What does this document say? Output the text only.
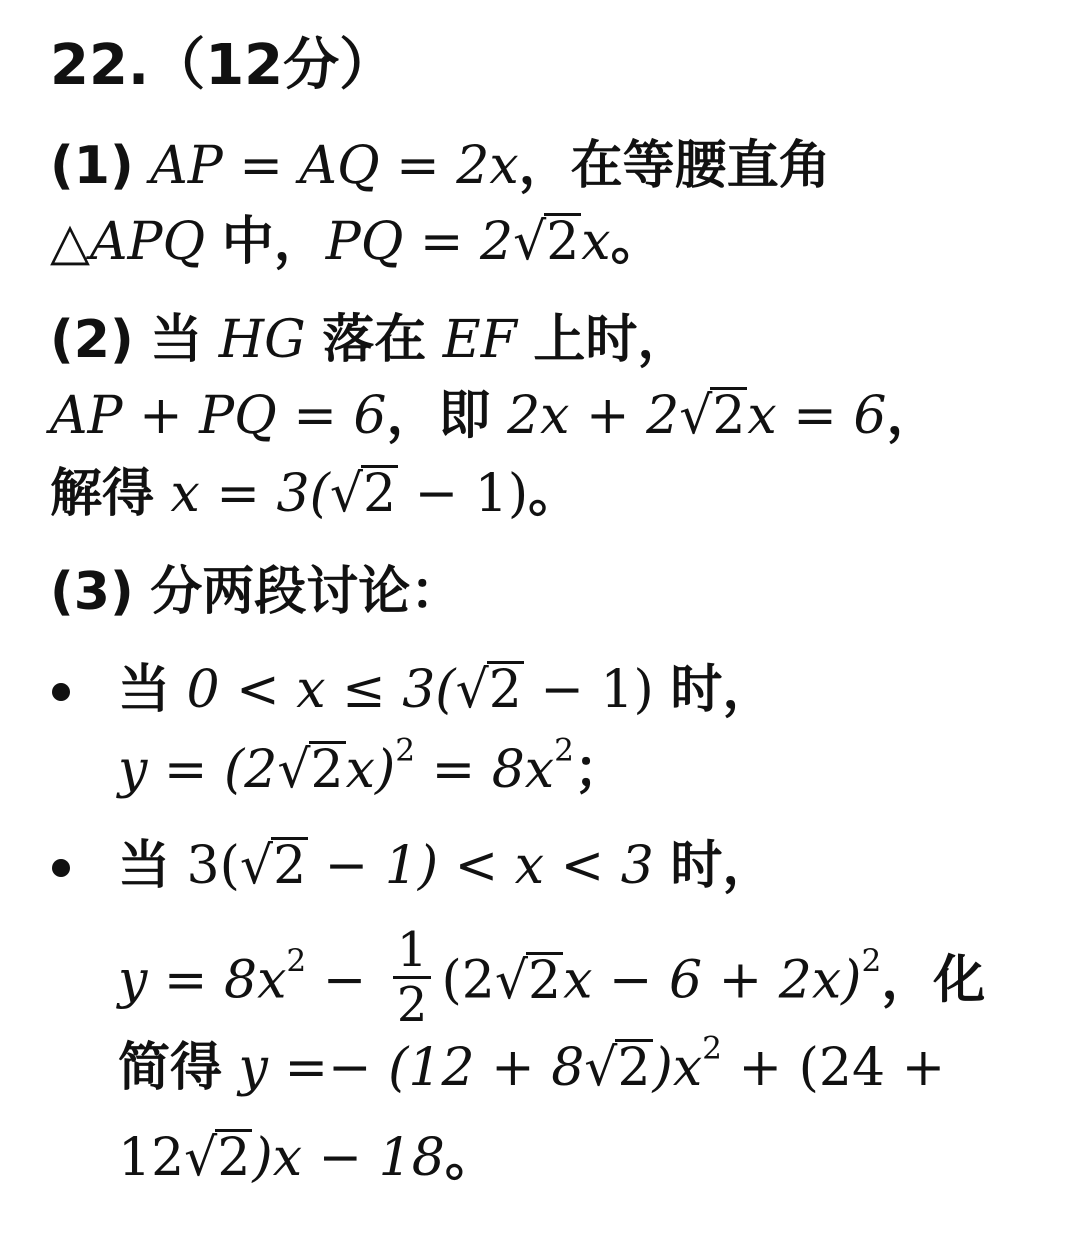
22.（12分）
(1) AP = AQ = 2x，在等腰直角
△APQ 中，PQ = 2√2x。
(2) 当 HG 落在 EF 上时，
AP + PQ = 6，即 2x + 2√2x = 6，
解得 x = 3(√2 − 1)。
(3) 分两段讨论：
当 0 < x ≤ 3(√2 − 1) 时，
$y = (2√2x)^2 = 8x^2$；
当 3(√2 − 1) < x < 3 时，
$y = 8x^2 - \frac{1}{2} (2√2x - 6 + 2x)^2$，化
简得 $y =- (12 + 8√2)x^2 + (24$ +
12√2)x − 18。
